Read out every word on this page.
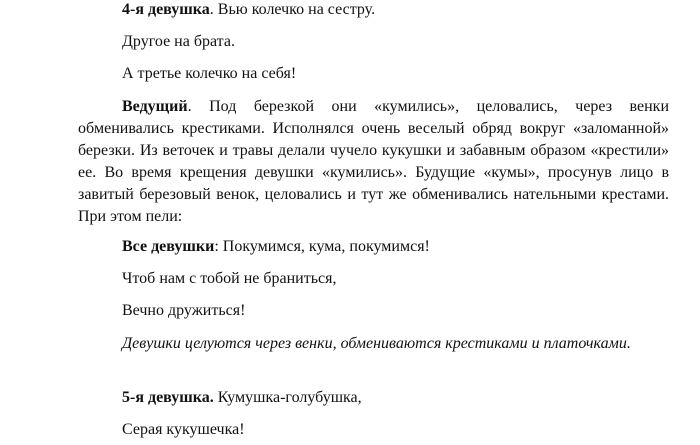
4-я девушка. Вью колечко на сестру.
Другое на брата.
А третье колечко на себя!
Ведущий. Под березкой они «кумились», целовались, через венки обменивались крестиками. Исполнялся очень веселый обряд вокруг «заломанной» березки. Из веточек и травы делали чучело кукушки и забавным образом «крестили» ее. Во время крещения девушки «кумились». Будущие «кумы», просунув лицо в завитый березовый венок, целовались и тут же обменивались нательными крестами. При этом пели:
Все девушки: Покумимся, кума, покумимся!
Чтоб нам с тобой не браниться,
Вечно дружиться!
Девушки целуются через венки, обмениваются крестиками и платочками.
5-я девушка. Кумушка-голубушка,
Серая кукушечка!
